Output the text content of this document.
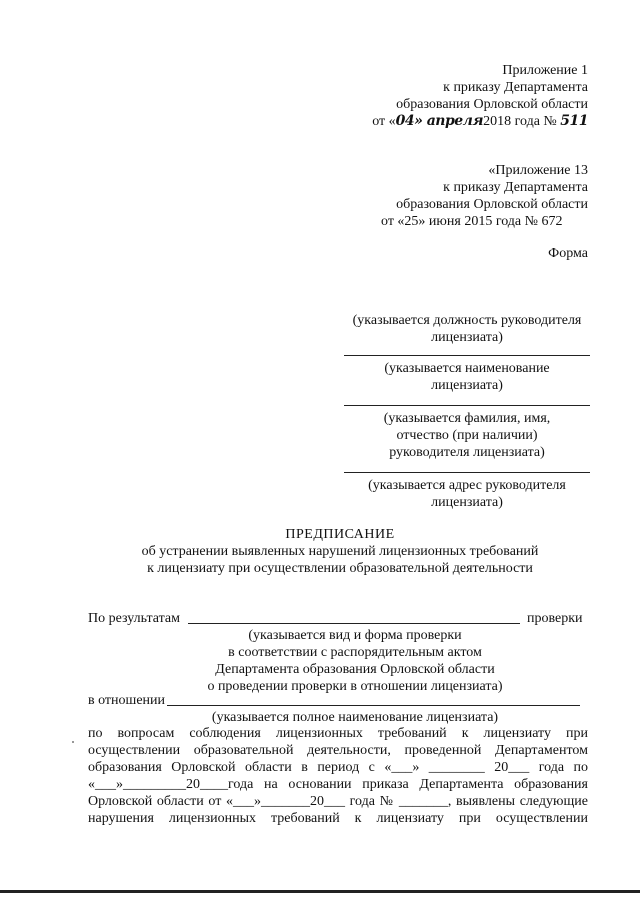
Приложение 1
к приказу Департамента
образования Орловской области
от «04» апреля2018 года № 511
«Приложение 13
к приказу Департамента
образования Орловской области
от «25» июня 2015 года № 672
Форма
(указывается должность руководителя
лицензиата)
(указывается наименование
лицензиата)
(указывается фамилия, имя,
отчество (при наличии)
руководителя лицензиата)
(указывается адрес руководителя
лицензиата)
ПРЕДПИСАНИЕ
об устранении выявленных нарушений лицензионных требований
к лицензиату при осуществлении образовательной деятельности
По результатам	проверки
(указывается вид и форма проверки
в соответствии с распорядительным актом
Департамента образования Орловской области
о проведении проверки в отношении лицензиата)
в отношении
(указывается полное наименование лицензиата)
по вопросам соблюдения лицензионных требований к лицензиату при
осуществлении образовательной деятельности, проведенной Департаментом
образования Орловской области в период с «___» ________ 20___ года по
«___»_________20____года на основании приказа Департамента образования
Орловской области от «___»_______20___ года № _______, выявлены следующие
нарушения лицензионных требований к лицензиату при осуществлении
